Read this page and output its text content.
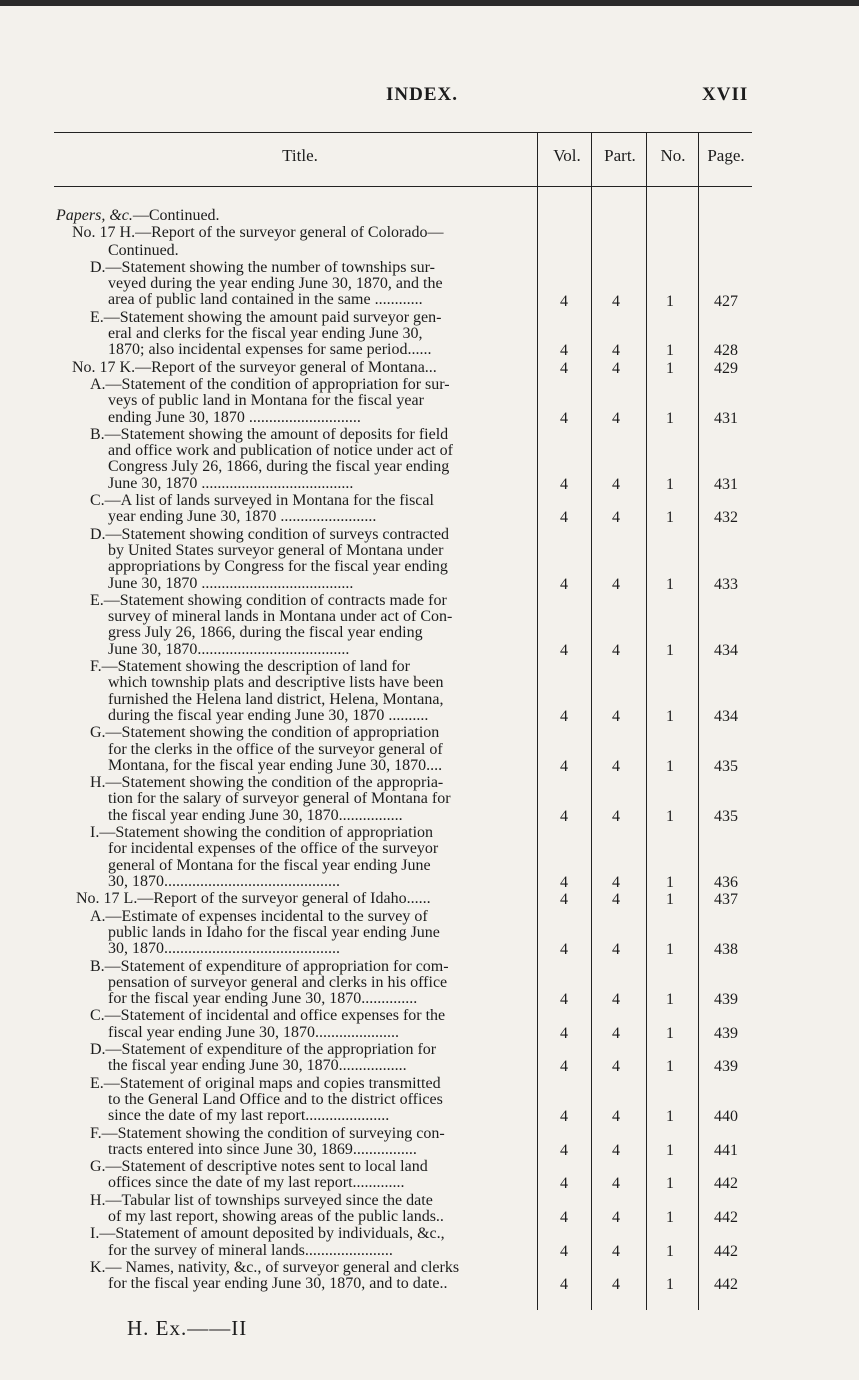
INDEX.	XVII
Title.	Vol.	Part.	No.	Page.
Papers, &c.—Continued.
No. 17 H.—Report of the surveyor general of Colorado—
Continued.
D.—Statement showing the number of townships sur-
veyed during the year ending June 30, 1870, and the
area of public land contained in the same ............	4	4	1	427
E.—Statement showing the amount paid surveyor gen-
eral and clerks for the fiscal year ending June 30,
1870; also incidental expenses for same period......	4	4	1	428
No. 17 K.—Report of the surveyor general of Montana...	4	4	1	429
A.—Statement of the condition of appropriation for sur-
veys of public land in Montana for the fiscal year
ending June 30, 1870 ............................	4	4	1	431
B.—Statement showing the amount of deposits for field
and office work and publication of notice under act of
Congress July 26, 1866, during the fiscal year ending
June 30, 1870 ......................................	4	4	1	431
C.—A list of lands surveyed in Montana for the fiscal
year ending June 30, 1870 ........................	4	4	1	432
D.—Statement showing condition of surveys contracted
by United States surveyor general of Montana under
appropriations by Congress for the fiscal year ending
June 30, 1870 ......................................	4	4	1	433
E.—Statement showing condition of contracts made for
survey of mineral lands in Montana under act of Con-
gress July 26, 1866, during the fiscal year ending
June 30, 1870......................................	4	4	1	434
F.—Statement showing the description of land for
which township plats and descriptive lists have been
furnished the Helena land district, Helena, Montana,
during the fiscal year ending June 30, 1870 ..........	4	4	1	434
G.—Statement showing the condition of appropriation
for the clerks in the office of the surveyor general of
Montana, for the fiscal year ending June 30, 1870....	4	4	1	435
H.—Statement showing the condition of the appropria-
tion for the salary of surveyor general of Montana for
the fiscal year ending June 30, 1870................	4	4	1	435
I.—Statement showing the condition of appropriation
for incidental expenses of the office of the surveyor
general of Montana for the fiscal year ending June
30, 1870............................................	4	4	1	436
No. 17 L.—Report of the surveyor general of Idaho......	4	4	1	437
A.—Estimate of expenses incidental to the survey of
public lands in Idaho for the fiscal year ending June
30, 1870............................................	4	4	1	438
B.—Statement of expenditure of appropriation for com-
pensation of surveyor general and clerks in his office
for the fiscal year ending June 30, 1870..............	4	4	1	439
C.—Statement of incidental and office expenses for the
fiscal year ending June 30, 1870.....................	4	4	1	439
D.—Statement of expenditure of the appropriation for
the fiscal year ending June 30, 1870.................	4	4	1	439
E.—Statement of original maps and copies transmitted
to the General Land Office and to the district offices
since the date of my last report.....................	4	4	1	440
F.—Statement showing the condition of surveying con-
tracts entered into since June 30, 1869................	4	4	1	441
G.—Statement of descriptive notes sent to local land
offices since the date of my last report.............	4	4	1	442
H.—Tabular list of townships surveyed since the date
of my last report, showing areas of the public lands..	4	4	1	442
I.—Statement of amount deposited by individuals, &c.,
for the survey of mineral lands......................	4	4	1	442
K.— Names, nativity, &c., of surveyor general and clerks
for the fiscal year ending June 30, 1870, and to date..	4	4	1	442
H. Ex.——II
